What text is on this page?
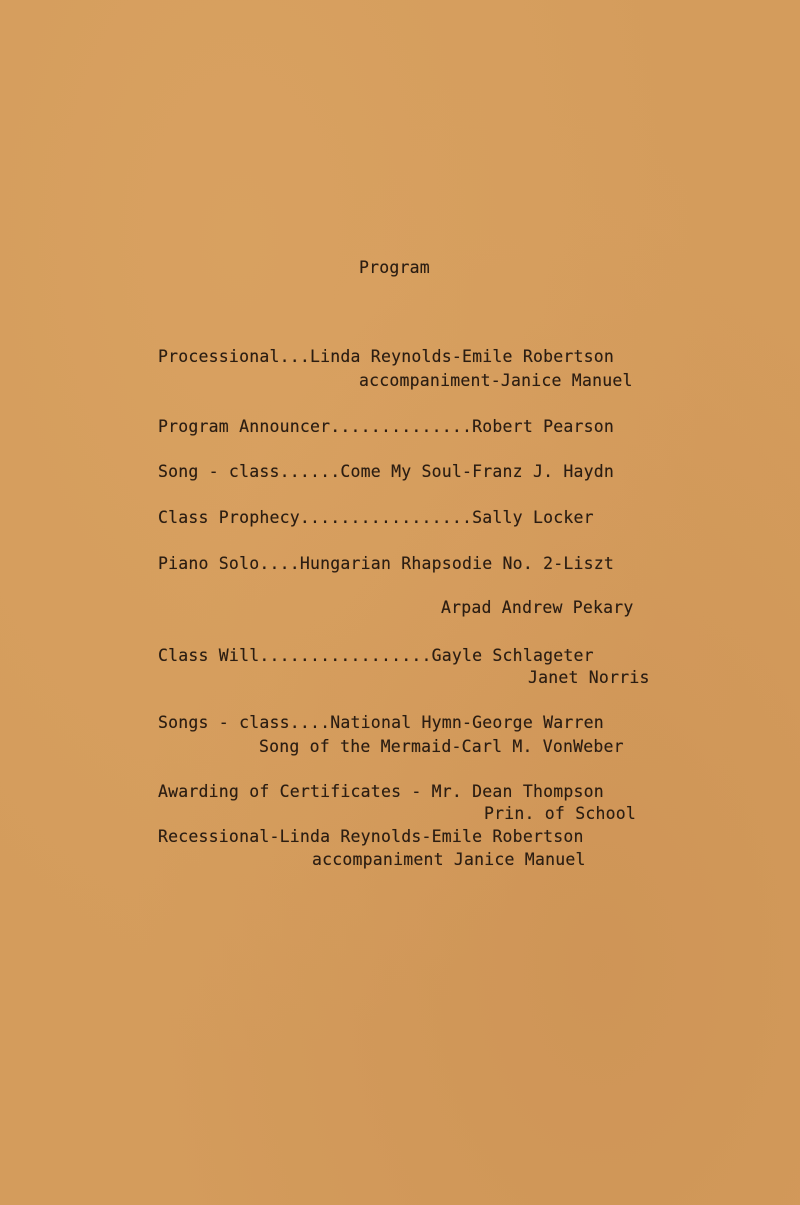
Program
Processional...Linda Reynolds-Emile Robertson
accompaniment-Janice Manuel
Program Announcer..............Robert Pearson
Song - class......Come My Soul-Franz J. Haydn
Class Prophecy.................Sally Locker
Piano Solo....Hungarian Rhapsodie No. 2-Liszt
Arpad Andrew Pekary
Class Will.................Gayle Schlageter
Janet Norris
Songs - class....National Hymn-George Warren
Song of the Mermaid-Carl M. VonWeber
Awarding of Certificates - Mr. Dean Thompson
Prin. of School
Recessional-Linda Reynolds-Emile Robertson
accompaniment Janice Manuel
